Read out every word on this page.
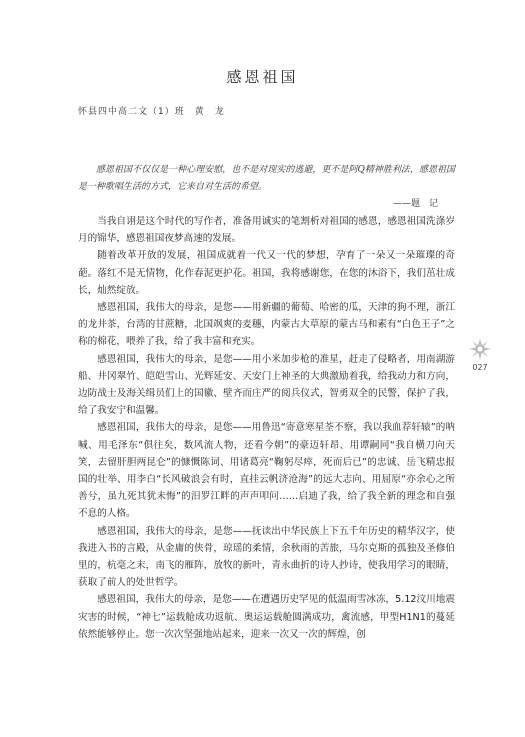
感恩祖国
怀县四中高二文（1）班　黄　龙
感恩祖国不仅仅是一种心理安慰，也不是对现实的逃避，更不是阿Q精神胜利法，感恩祖国是一种歌唱生活的方式，它来自对生活的希望。
——题　记

当我自诩是这个时代的写作者，准备用诚实的笔割析对祖国的感恩，感恩祖国洗涤岁月的锦华，感恩祖国夜梦高速的发展。

随着改革开放的发展，祖国成就着一代又一代的梦想，孕育了一朵又一朵璀璨的奇葩。落红不是无情物，化作春泥更护花。祖国，我将感谢您，在您的沐浴下，我们茁壮成长，灿然绽放。

感恩祖国，我伟大的母亲，是您——用新疆的葡萄、哈密的瓜，天津的狗不理，浙江的龙井茶，台湾的甘蔗糖，北国飒爽的麦穗，内蒙古大草原的蒙古马和素有“白色王子”之称的棉花，喂养了我，给了我丰富和充实。

感恩祖国，我伟大的母亲，是您——用小米加步枪的准星，赶走了侵略者，用南湖游船、井冈翠竹、皑皑雪山、光辉延安、天安门上神圣的大典激励着我，给我动力和方向，边防战士及海关缉员们上的国徽、壁齐而庄严的阅兵仪式，智勇双全的民警，保护了我，给了我安宁和温馨。

感恩祖国，我伟大的母亲，是您——用鲁迅“寄意寒星荃不察，我以我血荐轩辕”的呐喊、用毛泽东“俱往矣，数风流人物，还看今朝”的豪迈轩昂、用谭嗣同“我自横刀向天笑，去留肝胆两昆仑”的慷慨陈词、用诸葛亮“鞠躬尽瘁，死而后已”的忠诚、岳飞精忠报国的壮举、用李白“长风破浪会有时，直挂云帆济沧海”的远大志向、用屈原“亦余心之所善兮，虽九死其犹未悔”的汨罗江畔的声声叩问……启迪了我，给了我全新的理念和自强不息的人格。

感恩祖国，我伟大的母亲，是您——抚读出中华民族上下五千年历史的精华汉字，使我进入书的言殿，从金庸的侠骨，琼瑶的柔情，余秋雨的苦旅，马尔克斯的孤独及圣修伯里的，杭毫之末，南飞的雁阵，放牧的新叶，青永曲折的诗人抄诗，使我用学习的眼睛，获取了前人的处世哲学。

感恩祖国，我伟大的母亲，是您——在遭遇历史罕见的低温雨雪冰冻，5.12汶川地震灾害的时候，“神七”运载舱成功返航、奥运运载舱圆满成功，禽流感，甲型H1N1的蔓延依然能够停止。您一次次坚强地站起来，迎来一次又一次的辉煌，创

027
